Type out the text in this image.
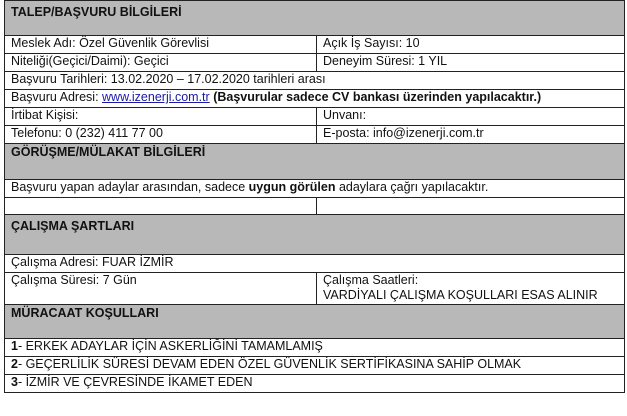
TALEP/BAŞVURU BİLGİLERİ
Meslek Adı: Özel Güvenlik Görevlisi	Açık İş Sayısı: 10
Niteliği(Geçici/Daimi): Geçici	Deneyim Süresi: 1 YIL
Başvuru Tarihleri: 13.02.2020 – 17.02.2020 tarihleri arası
Başvuru Adresi: www.izenerji.com.tr (Başvurular sadece CV bankası üzerinden yapılacaktır.)
İrtibat Kişisi:	Unvanı:
Telefonu: 0 (232) 411 77 00	E-posta: info@izenerji.com.tr
GÖRÜŞME/MÜLAKAT BİLGİLERİ
Başvuru yapan adaylar arasından, sadece uygun görülen adaylara çağrı yapılacaktır.
ÇALIŞMA ŞARTLARI
Çalışma Adresi: FUAR İZMİR
Çalışma Süresi: 7 Gün	Çalışma Saatleri:
VARDİYALI ÇALIŞMA KOŞULLARI ESAS ALINIR
MÜRACAAT KOŞULLARI
1- ERKEK ADAYLAR İÇİN ASKERLİĞİNİ TAMAMLAMIŞ
2- GEÇERLİLİK SÜRESİ DEVAM EDEN ÖZEL GÜVENLİK SERTİFİKASINA SAHİP OLMAK
3- İZMİR VE ÇEVRESİNDE İKAMET EDEN
